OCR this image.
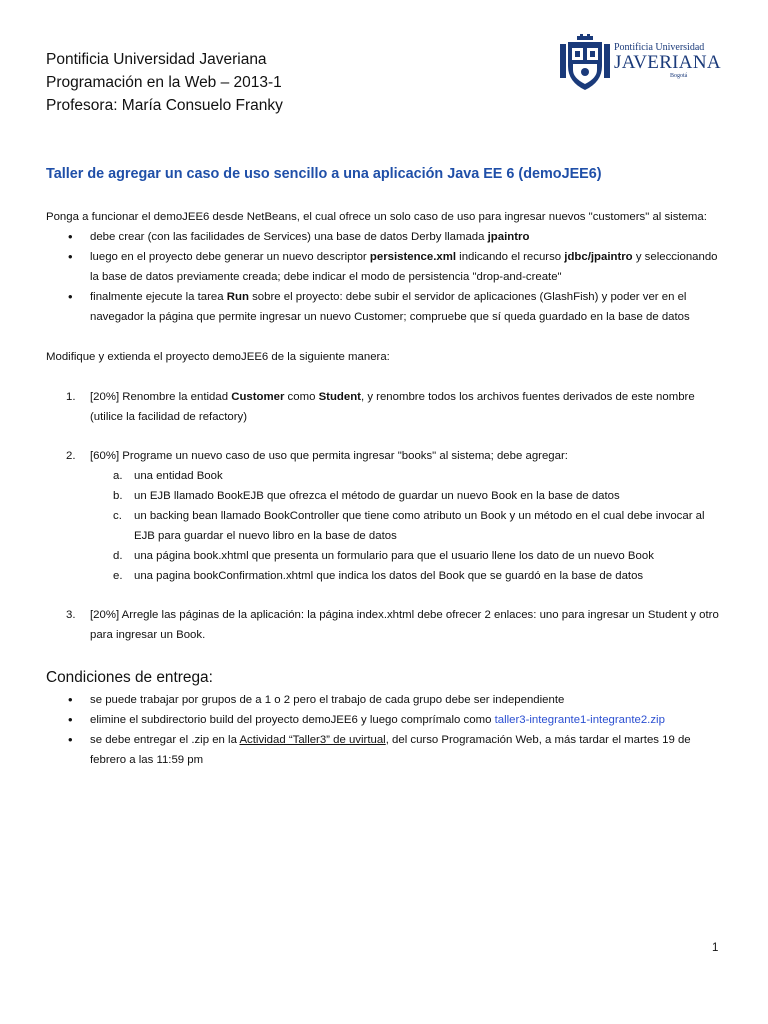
Pontificia Universidad Javeriana
Programación en la Web – 2013-1
Profesora: María Consuelo Franky
Pontificia Universidad
JAVERIANA
Bogotá
Taller de agregar un caso de uso sencillo a una aplicación Java EE 6 (demoJEE6)

Ponga a funcionar el demoJEE6 desde NetBeans, el cual ofrece un solo caso de uso para ingresar nuevos "customers" al sistema:

• debe crear (con las facilidades de Services) una base de datos Derby llamada jpaintro
• luego en el proyecto debe generar un nuevo descriptor persistence.xml indicando el recurso jdbc/jpaintro y seleccionando la base de datos previamente creada; debe indicar el modo de persistencia "drop-and-create"
• finalmente ejecute la tarea Run sobre el proyecto: debe subir el servidor de aplicaciones (GlashFish) y poder ver en el navegador la página que permite ingresar un nuevo Customer; compruebe que sí queda guardado en la base de datos

Modifique y extienda el proyecto demoJEE6 de la siguiente manera:

1. [20%] Renombre la entidad Customer como Student, y renombre todos los archivos fuentes derivados de este nombre (utilice la facilidad de refactory)
2. [60%] Programe un nuevo caso de uso que permita ingresar "books" al sistema; debe agregar:
a. una entidad Book
b. un EJB llamado BookEJB que ofrezca el método de guardar un nuevo Book en la base de datos
c. un backing bean llamado BookController que tiene como atributo un Book y un método en el cual debe invocar al EJB para guardar el nuevo libro en la base de datos
d. una página book.xhtml que presenta un formulario para que el usuario llene los dato de un nuevo Book
e. una pagina bookConfirmation.xhtml que indica los datos del Book que se guardó en la base de datos
3. [20%] Arregle las páginas de la aplicación: la página index.xhtml debe ofrecer 2 enlaces: uno para ingresar un Student y otro para ingresar un Book.
Condiciones de entrega:
• se puede trabajar por grupos de a 1 o 2 pero el trabajo de cada grupo debe ser independiente
• elimine el subdirectorio build del proyecto demoJEE6 y luego comprímalo como taller3-integrante1-integrante2.zip
• se debe entregar el .zip en la Actividad “Taller3” de uvirtual, del curso Programación Web, a más tardar el martes 19 de febrero a las 11:59 pm
1
